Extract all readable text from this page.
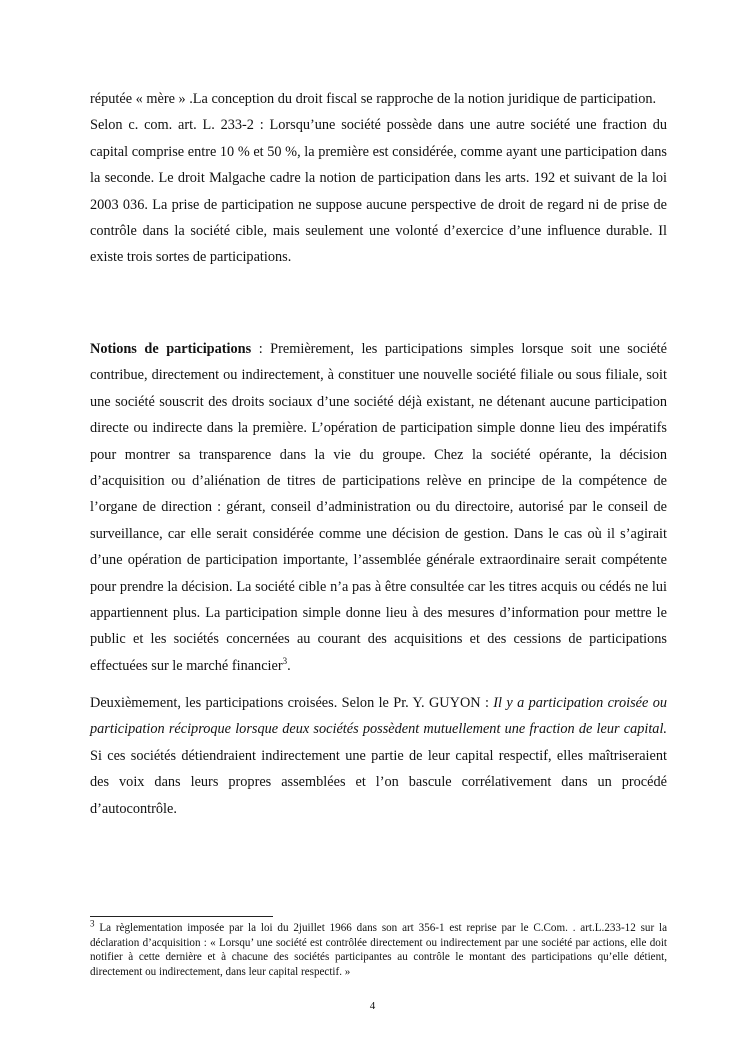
réputée « mère » .La conception du droit fiscal se rapproche de la notion juridique de participation.

Selon c. com. art. L. 233-2 : Lorsqu’une société possède dans une autre société une fraction du capital comprise entre 10 % et 50 %, la première est considérée, comme ayant une participation dans la seconde. Le droit Malgache cadre la notion de participation dans les arts. 192 et suivant de la loi 2003 036. La prise de participation ne suppose aucune perspective de droit de regard ni de prise de contrôle dans la société cible, mais seulement une volonté d’exercice d’une influence durable. Il existe trois sortes de participations.

Notions de participations : Premièrement, les participations simples lorsque soit une société contribue, directement ou indirectement, à constituer une nouvelle société filiale ou sous filiale, soit une société souscrit des droits sociaux d’une société déjà existant, ne détenant aucune participation directe ou indirecte dans la première. L’opération de participation simple donne lieu des impératifs pour montrer sa transparence dans la vie du groupe. Chez la société opérante, la décision d’acquisition ou d’aliénation de titres de participations relève en principe de la compétence de l’organe de direction : gérant, conseil d’administration ou du directoire, autorisé par le conseil de surveillance, car elle serait considérée comme une décision de gestion. Dans le cas où il s’agirait d’une opération de participation importante, l’assemblée générale extraordinaire serait compétente pour prendre la décision. La société cible n’a pas à être consultée car les titres acquis ou cédés ne lui appartiennent plus. La participation simple donne lieu à des mesures d’information pour mettre le public et les sociétés concernées au courant des acquisitions et des cessions de participations effectuées sur le marché financier$^3$.

Deuxièmement, les participations croisées. Selon le Pr. Y. GUYON : Il y a participation croisée ou participation réciproque lorsque deux sociétés possèdent mutuellement une fraction de leur capital. Si ces sociétés détiendraient indirectement une partie de leur capital respectif, elles maîtriseraient des voix dans leurs propres assemblées et l’on bascule corrélativement dans un procédé d’autocontrôle.

$^3$ La règlementation imposée par la loi du 2juillet 1966 dans son art 356-1 est reprise par le C.Com. . art.L.233-12 sur la déclaration d’acquisition : « Lorsqu’ une société est contrôlée directement ou indirectement par une société par actions, elle doit notifier à cette dernière et à chacune des sociétés participantes au contrôle le montant des participations qu’elle détient, directement ou indirectement, dans leur capital respectif. »

4
